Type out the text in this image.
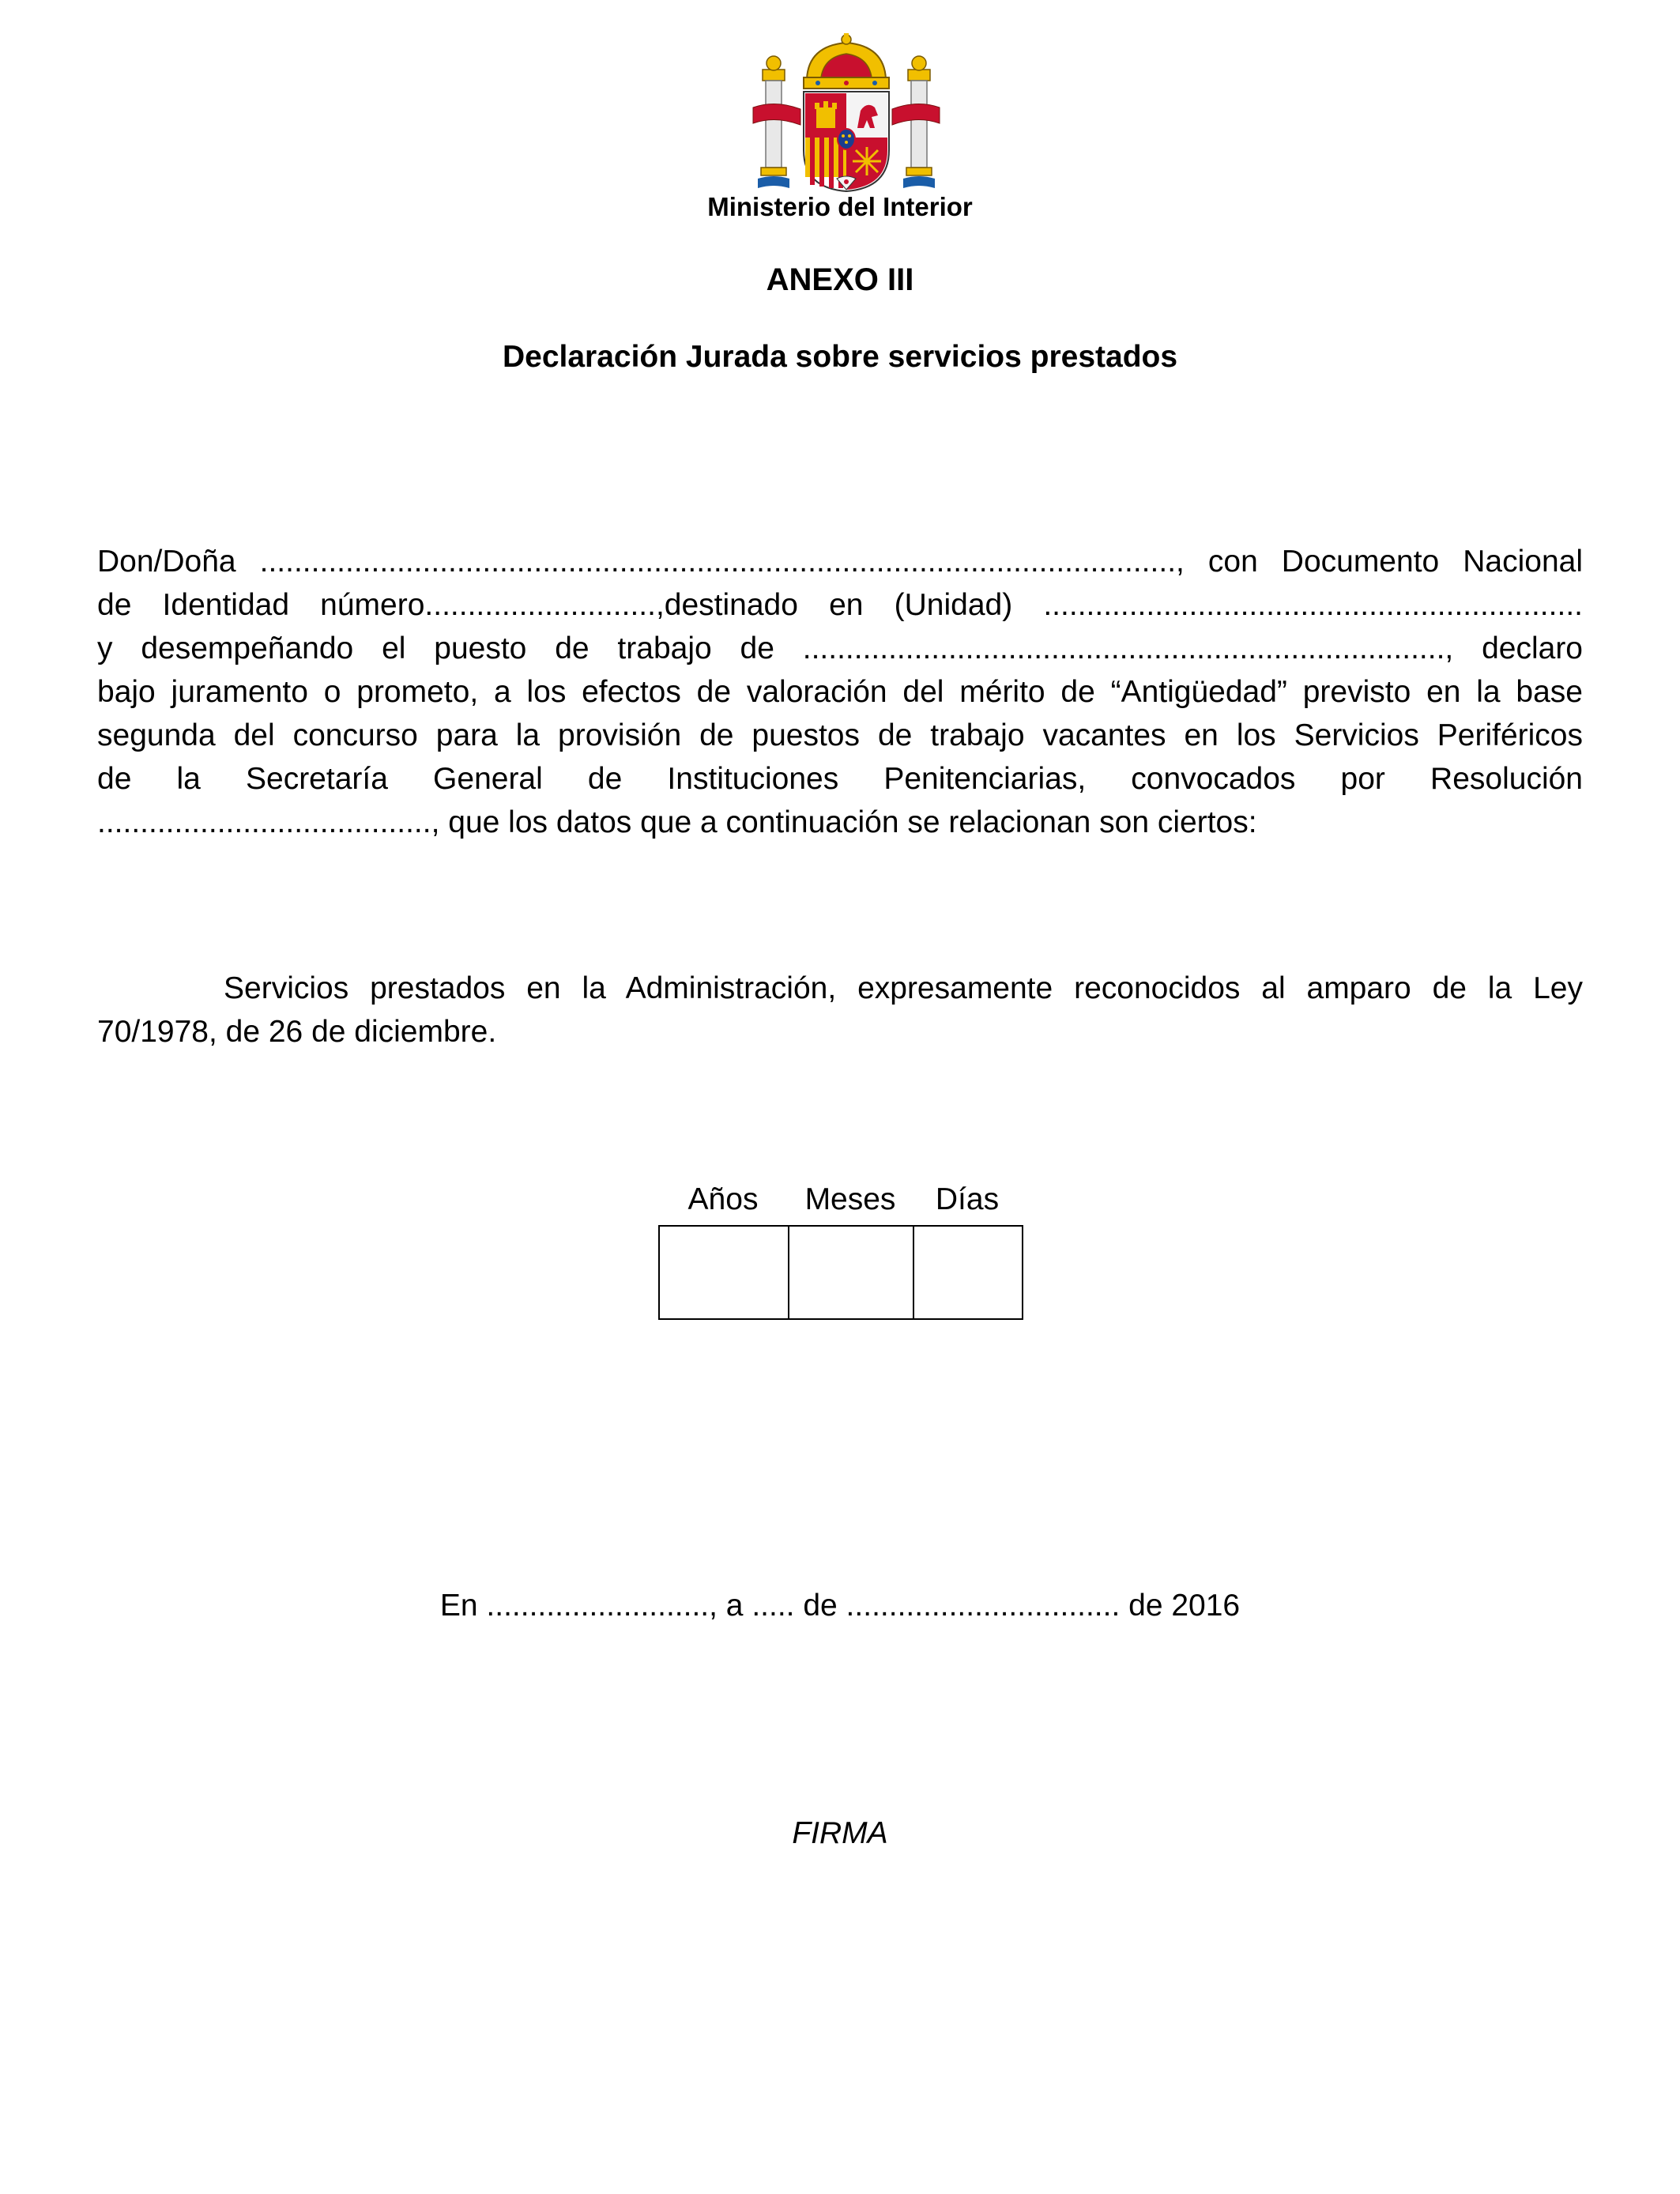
Ministerio del Interior
ANEXO III
Declaración Jurada sobre servicios prestados
Don/Doña ..........................................................................................................., con Documento Nacional
de Identidad número...........................,destinado en (Unidad) ...............................................................
y desempeñando el puesto de trabajo de ..........................................................................., declaro
bajo juramento o prometo, a los efectos de valoración del mérito de “Antigüedad” previsto en la base
segunda del concurso para la provisión de puestos de trabajo vacantes en los Servicios Periféricos
de la Secretaría General de Instituciones Penitenciarias, convocados por Resolución
......................................., que los datos que a continuación se relacionan son ciertos:
Servicios prestados en la Administración, expresamente reconocidos al amparo de la Ley
70/1978, de 26 de diciembre.
Años	Meses	Días
En .........................., a ..... de ................................ de 2016
FIRMA
